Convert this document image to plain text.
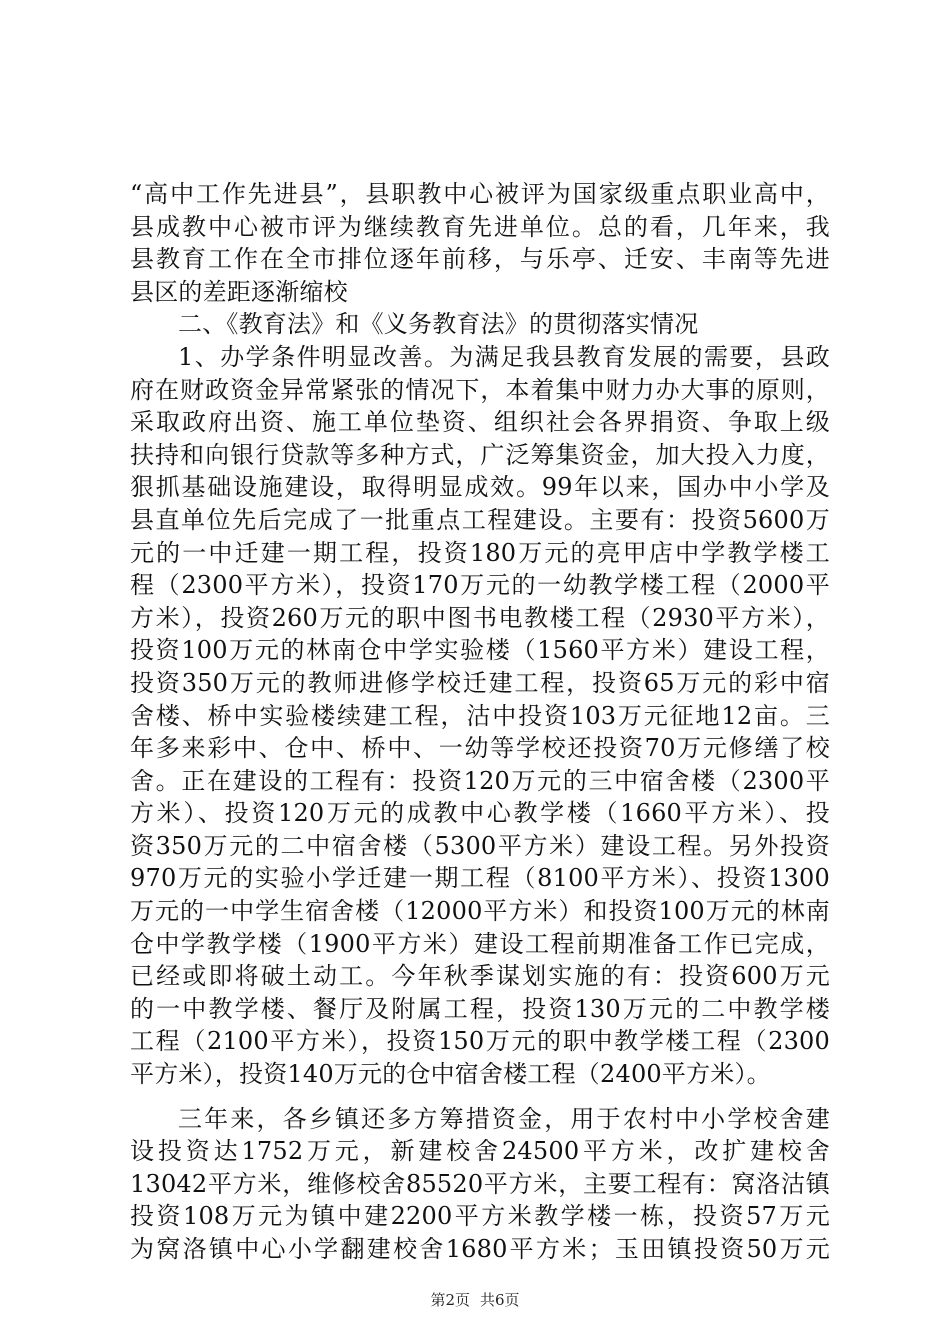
“高中工作先进县”，县职教中心被评为国家级重点职业高中，
县成教中心被市评为继续教育先进单位。总的看，几年来，我
县教育工作在全市排位逐年前移，与乐亭、迁安、丰南等先进
县区的差距逐渐缩校
二、《教育法》和《义务教育法》的贯彻落实情况
1、办学条件明显改善。为满足我县教育发展的需要，县政
府在财政资金异常紧张的情况下，本着集中财力办大事的原则，
采取政府出资、施工单位垫资、组织社会各界捐资、争取上级
扶持和向银行贷款等多种方式，广泛筹集资金，加大投入力度，
狠抓基础设施建设，取得明显成效。99年以来，国办中小学及
县直单位先后完成了一批重点工程建设。主要有：投资5600万
元的一中迁建一期工程，投资180万元的亮甲店中学教学楼工
程（2300平方米），投资170万元的一幼教学楼工程（2000平
方米），投资260万元的职中图书电教楼工程（2930平方米），
投资100万元的林南仓中学实验楼（1560平方米）建设工程，
投资350万元的教师进修学校迁建工程，投资65万元的彩中宿
舍楼、桥中实验楼续建工程，沽中投资103万元征地12亩。三
年多来彩中、仓中、桥中、一幼等学校还投资70万元修缮了校
舍。正在建设的工程有：投资120万元的三中宿舍楼（2300平
方米）、投资120万元的成教中心教学楼（1660平方米）、投
资350万元的二中宿舍楼（5300平方米）建设工程。另外投资
970万元的实验小学迁建一期工程（8100平方米）、投资1300
万元的一中学生宿舍楼（12000平方米）和投资100万元的林南
仓中学教学楼（1900平方米）建设工程前期准备工作已完成，
已经或即将破土动工。今年秋季谋划实施的有：投资600万元
的一中教学楼、餐厅及附属工程，投资130万元的二中教学楼
工程（2100平方米），投资150万元的职中教学楼工程（2300
平方米），投资140万元的仓中宿舍楼工程（2400平方米）。
三年来，各乡镇还多方筹措资金，用于农村中小学校舍建
设投资达1752万元，新建校舍24500平方米，改扩建校舍
13042平方米，维修校舍85520平方米，主要工程有：窝洛沽镇
投资108万元为镇中建2200平方米教学楼一栋，投资57万元
为窝洛镇中心小学翻建校舍1680平方米；玉田镇投资50万元
第2页 共6页
